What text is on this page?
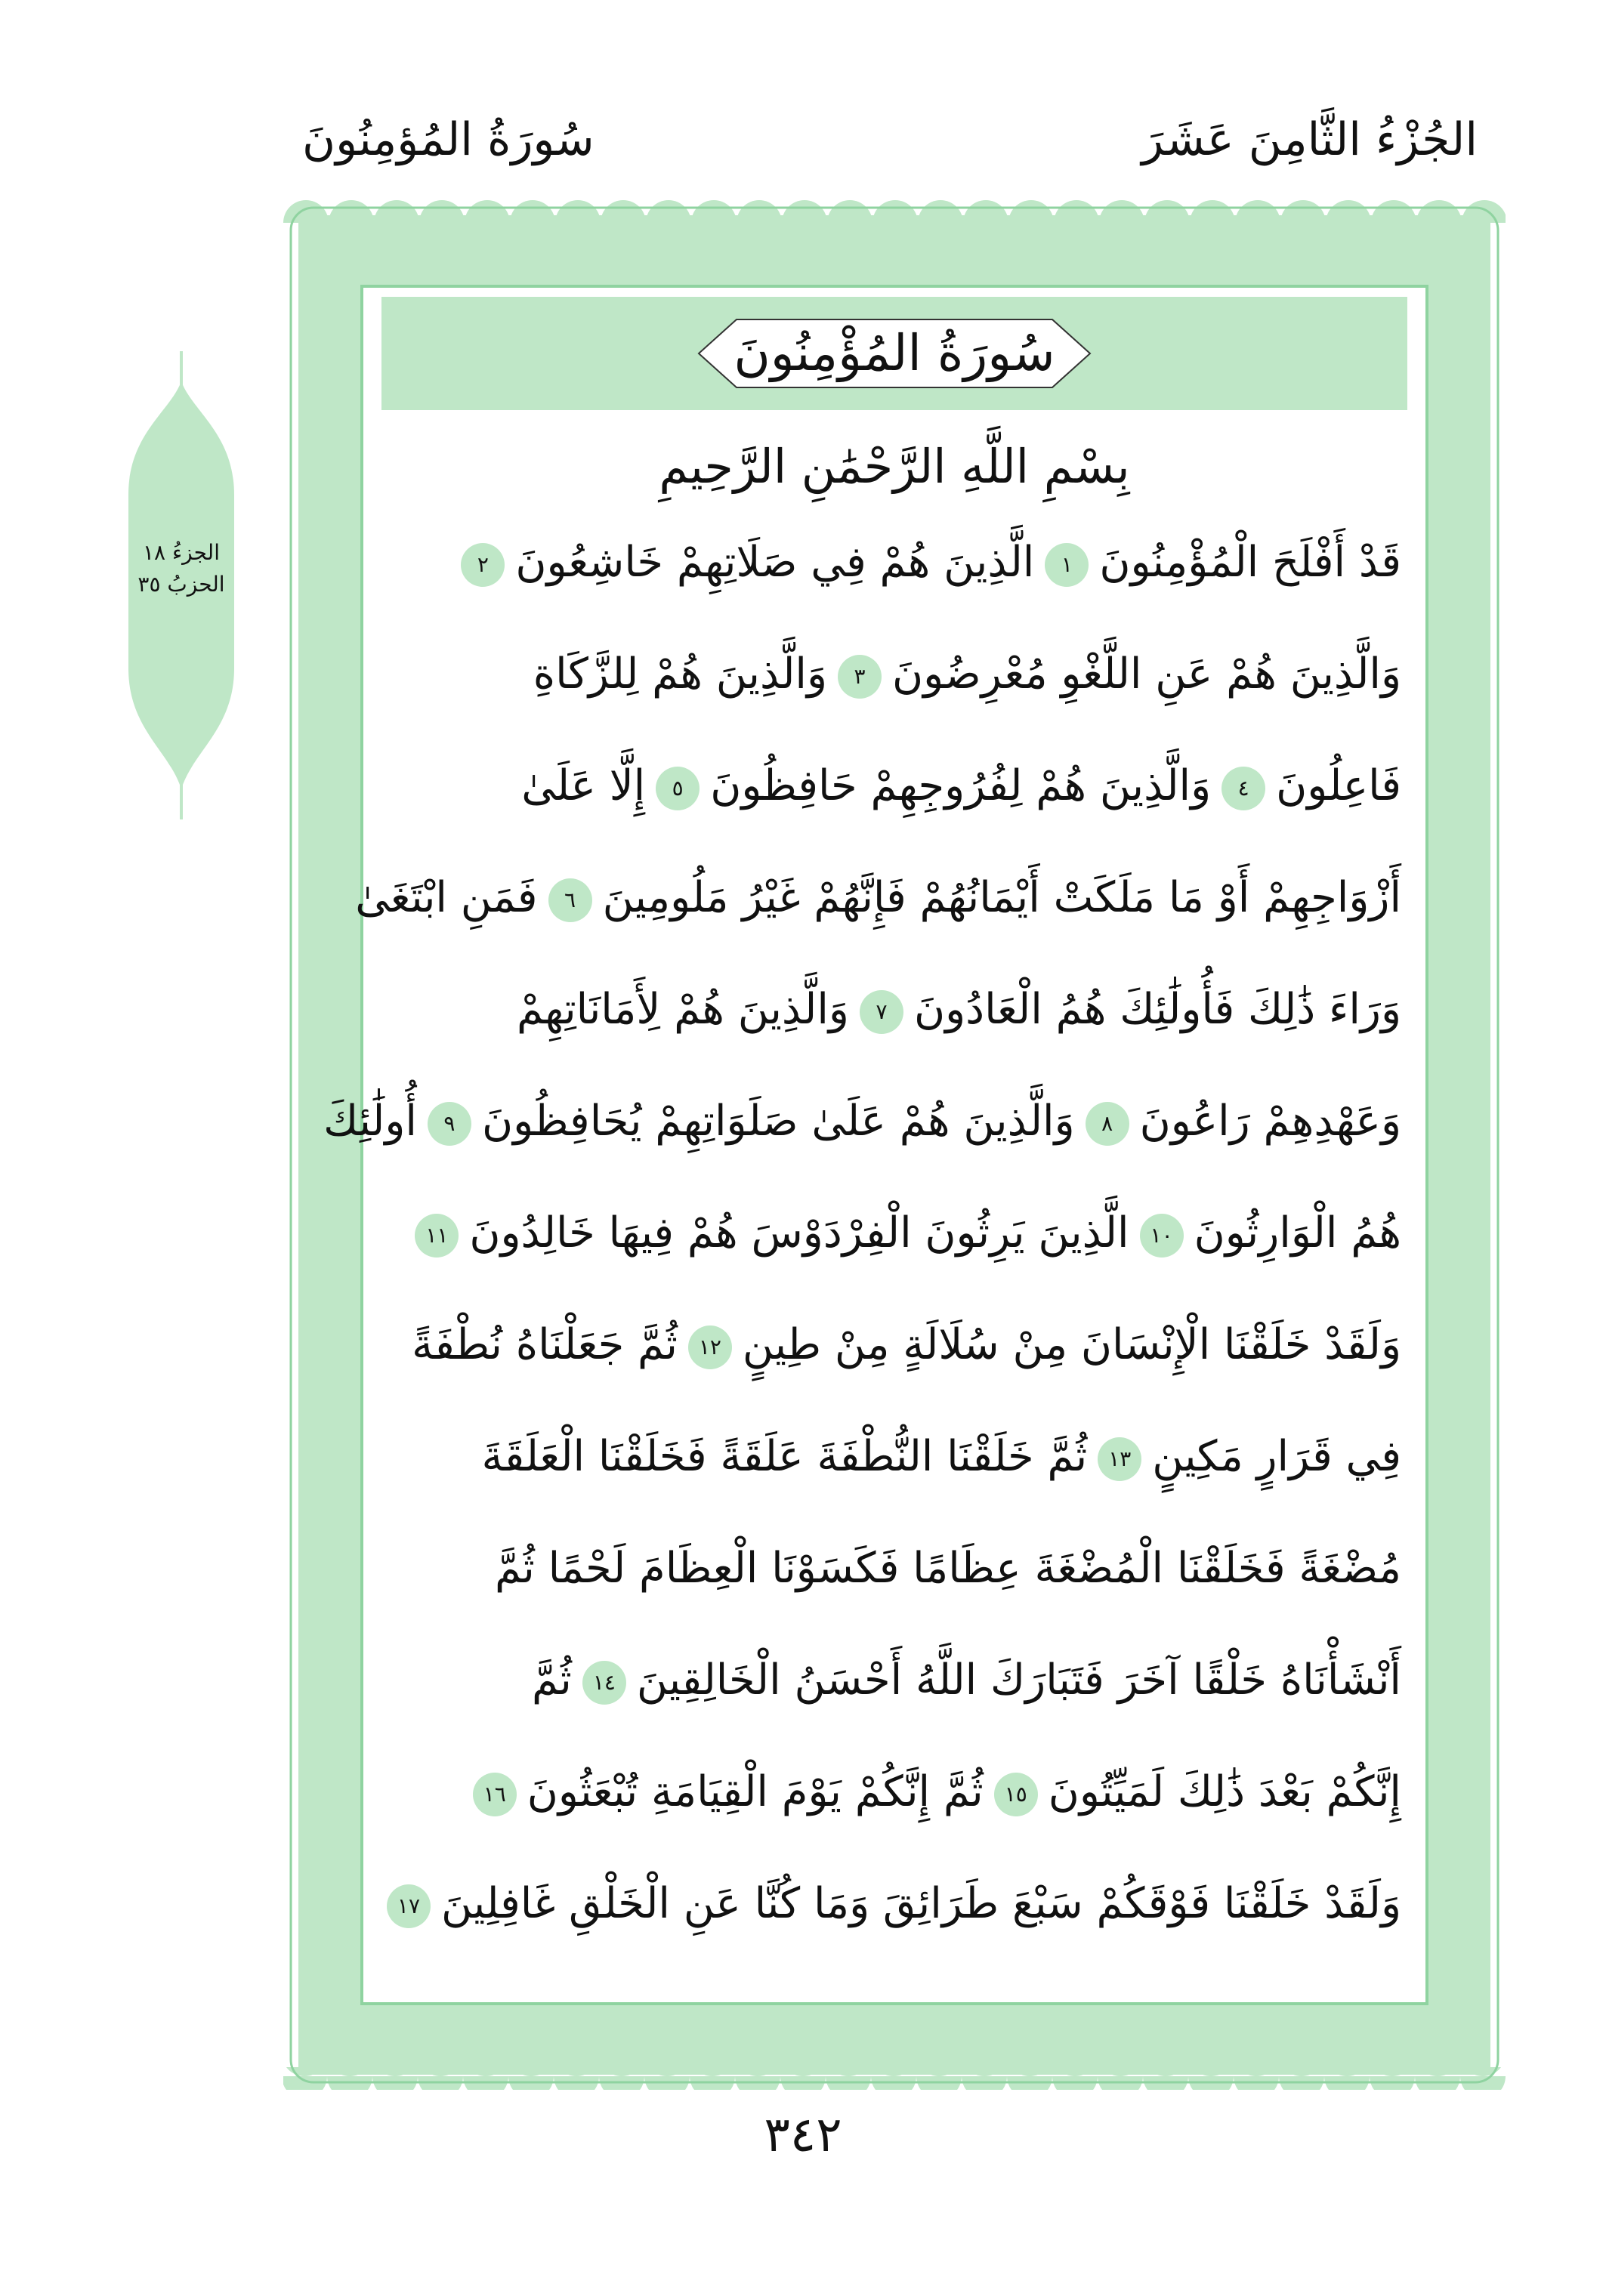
الجُزْءُ الثَّامِنَ عَشَرَ
سُورَةُ المُؤمِنُونَ
الجزءُ ١٨
الحزبُ ٣٥
سُورَةُ المُؤْمِنُونَ
بِسْمِ اللَّهِ الرَّحْمَٰنِ الرَّحِيمِ
قَدْ أَفْلَحَ الْمُؤْمِنُونَ١الَّذِينَ هُمْ فِي صَلَاتِهِمْ خَاشِعُونَ٢
وَالَّذِينَ هُمْ عَنِ اللَّغْوِ مُعْرِضُونَ٣وَالَّذِينَ هُمْ لِلزَّكَاةِ
فَاعِلُونَ٤وَالَّذِينَ هُمْ لِفُرُوجِهِمْ حَافِظُونَ٥إِلَّا عَلَىٰ
أَزْوَاجِهِمْ أَوْ مَا مَلَكَتْ أَيْمَانُهُمْ فَإِنَّهُمْ غَيْرُ مَلُومِينَ٦فَمَنِ ابْتَغَىٰ
وَرَاءَ ذَٰلِكَ فَأُولَٰئِكَ هُمُ الْعَادُونَ٧وَالَّذِينَ هُمْ لِأَمَانَاتِهِمْ
وَعَهْدِهِمْ رَاعُونَ٨وَالَّذِينَ هُمْ عَلَىٰ صَلَوَاتِهِمْ يُحَافِظُونَ٩أُولَٰئِكَ
هُمُ الْوَارِثُونَ١٠الَّذِينَ يَرِثُونَ الْفِرْدَوْسَ هُمْ فِيهَا خَالِدُونَ١١
وَلَقَدْ خَلَقْنَا الْإِنْسَانَ مِنْ سُلَالَةٍ مِنْ طِينٍ١٢ثُمَّ جَعَلْنَاهُ نُطْفَةً
فِي قَرَارٍ مَكِينٍ١٣ثُمَّ خَلَقْنَا النُّطْفَةَ عَلَقَةً فَخَلَقْنَا الْعَلَقَةَ
مُضْغَةً فَخَلَقْنَا الْمُضْغَةَ عِظَامًا فَكَسَوْنَا الْعِظَامَ لَحْمًا ثُمَّ
أَنْشَأْنَاهُ خَلْقًا آخَرَ فَتَبَارَكَ اللَّهُ أَحْسَنُ الْخَالِقِينَ١٤ثُمَّ
إِنَّكُمْ بَعْدَ ذَٰلِكَ لَمَيِّتُونَ١٥ثُمَّ إِنَّكُمْ يَوْمَ الْقِيَامَةِ تُبْعَثُونَ١٦
وَلَقَدْ خَلَقْنَا فَوْقَكُمْ سَبْعَ طَرَائِقَ وَمَا كُنَّا عَنِ الْخَلْقِ غَافِلِينَ١٧
٣٤٢
